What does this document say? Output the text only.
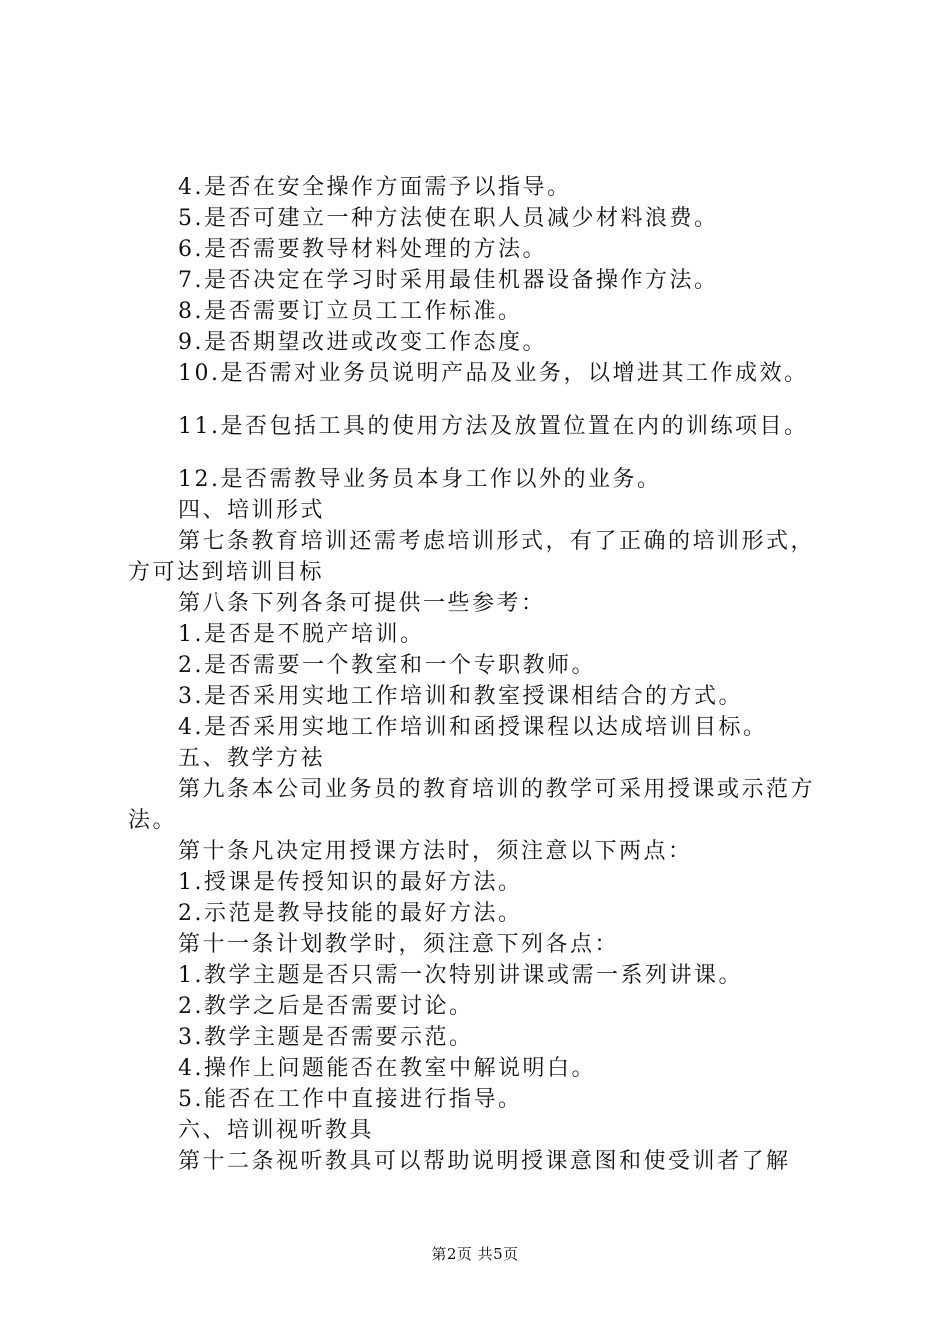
4.是否在安全操作方面需予以指导。

5.是否可建立一种方法使在职人员减少材料浪费。

6.是否需要教导材料处理的方法。

7.是否决定在学习时采用最佳机器设备操作方法。

8.是否需要订立员工工作标准。

9.是否期望改进或改变工作态度。

10.是否需对业务员说明产品及业务，以增进其工作成效。

11.是否包括工具的使用方法及放置位置在内的训练项目。

12.是否需教导业务员本身工作以外的业务。

四、培训形式

第七条教育培训还需考虑培训形式，有了正确的培训形式，方可达到培训目标

第八条下列各条可提供一些参考：

1.是否是不脱产培训。

2.是否需要一个教室和一个专职教师。

3.是否采用实地工作培训和教室授课相结合的方式。

4.是否采用实地工作培训和函授课程以达成培训目标。

五、教学方祛

第九条本公司业务员的教育培训的教学可采用授课或示范方法。

第十条凡决定用授课方法时，须注意以下两点：

1.授课是传授知识的最好方法。

2.示范是教导技能的最好方法。

第十一条计划教学时，须注意下列各点：

1.教学主题是否只需一次特别讲课或需一系列讲课。

2.教学之后是否需要讨论。

3.教学主题是否需要示范。

4.操作上问题能否在教室中解说明白。

5.能否在工作中直接进行指导。

六、培训视听教具

第十二条视听教具可以帮助说明授课意图和使受训者了解

第2页 共5页
